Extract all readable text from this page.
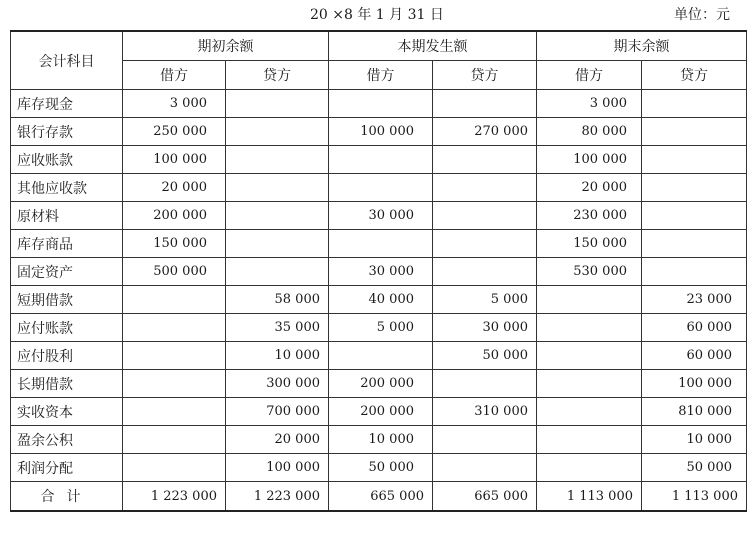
20 ×8 年 1 月 31 日	单位：元
会计科目	期初余额		本期发生额		期末余额	
	借方	贷方	借方	贷方	借方	贷方
库存现金	3 000				3 000	
银行存款	250 000		100 000	270 000	80 000	
应收账款	100 000				100 000	
其他应收款	20 000				20 000	
原材料	200 000		30 000		230 000	
库存商品	150 000				150 000	
固定资产	500 000		30 000		530 000	
短期借款		58 000	40 000	5 000		23 000
应付账款		35 000	5 000	30 000		60 000
应付股利		10 000		50 000		60 000
长期借款		300 000	200 000			100 000
实收资本		700 000	200 000	310 000		810 000
盈余公积		20 000	10 000			10 000
利润分配		100 000	50 000			50 000
合计	1 223 000	1 223 000	665 000	665 000	1 113 000	1 113 000
